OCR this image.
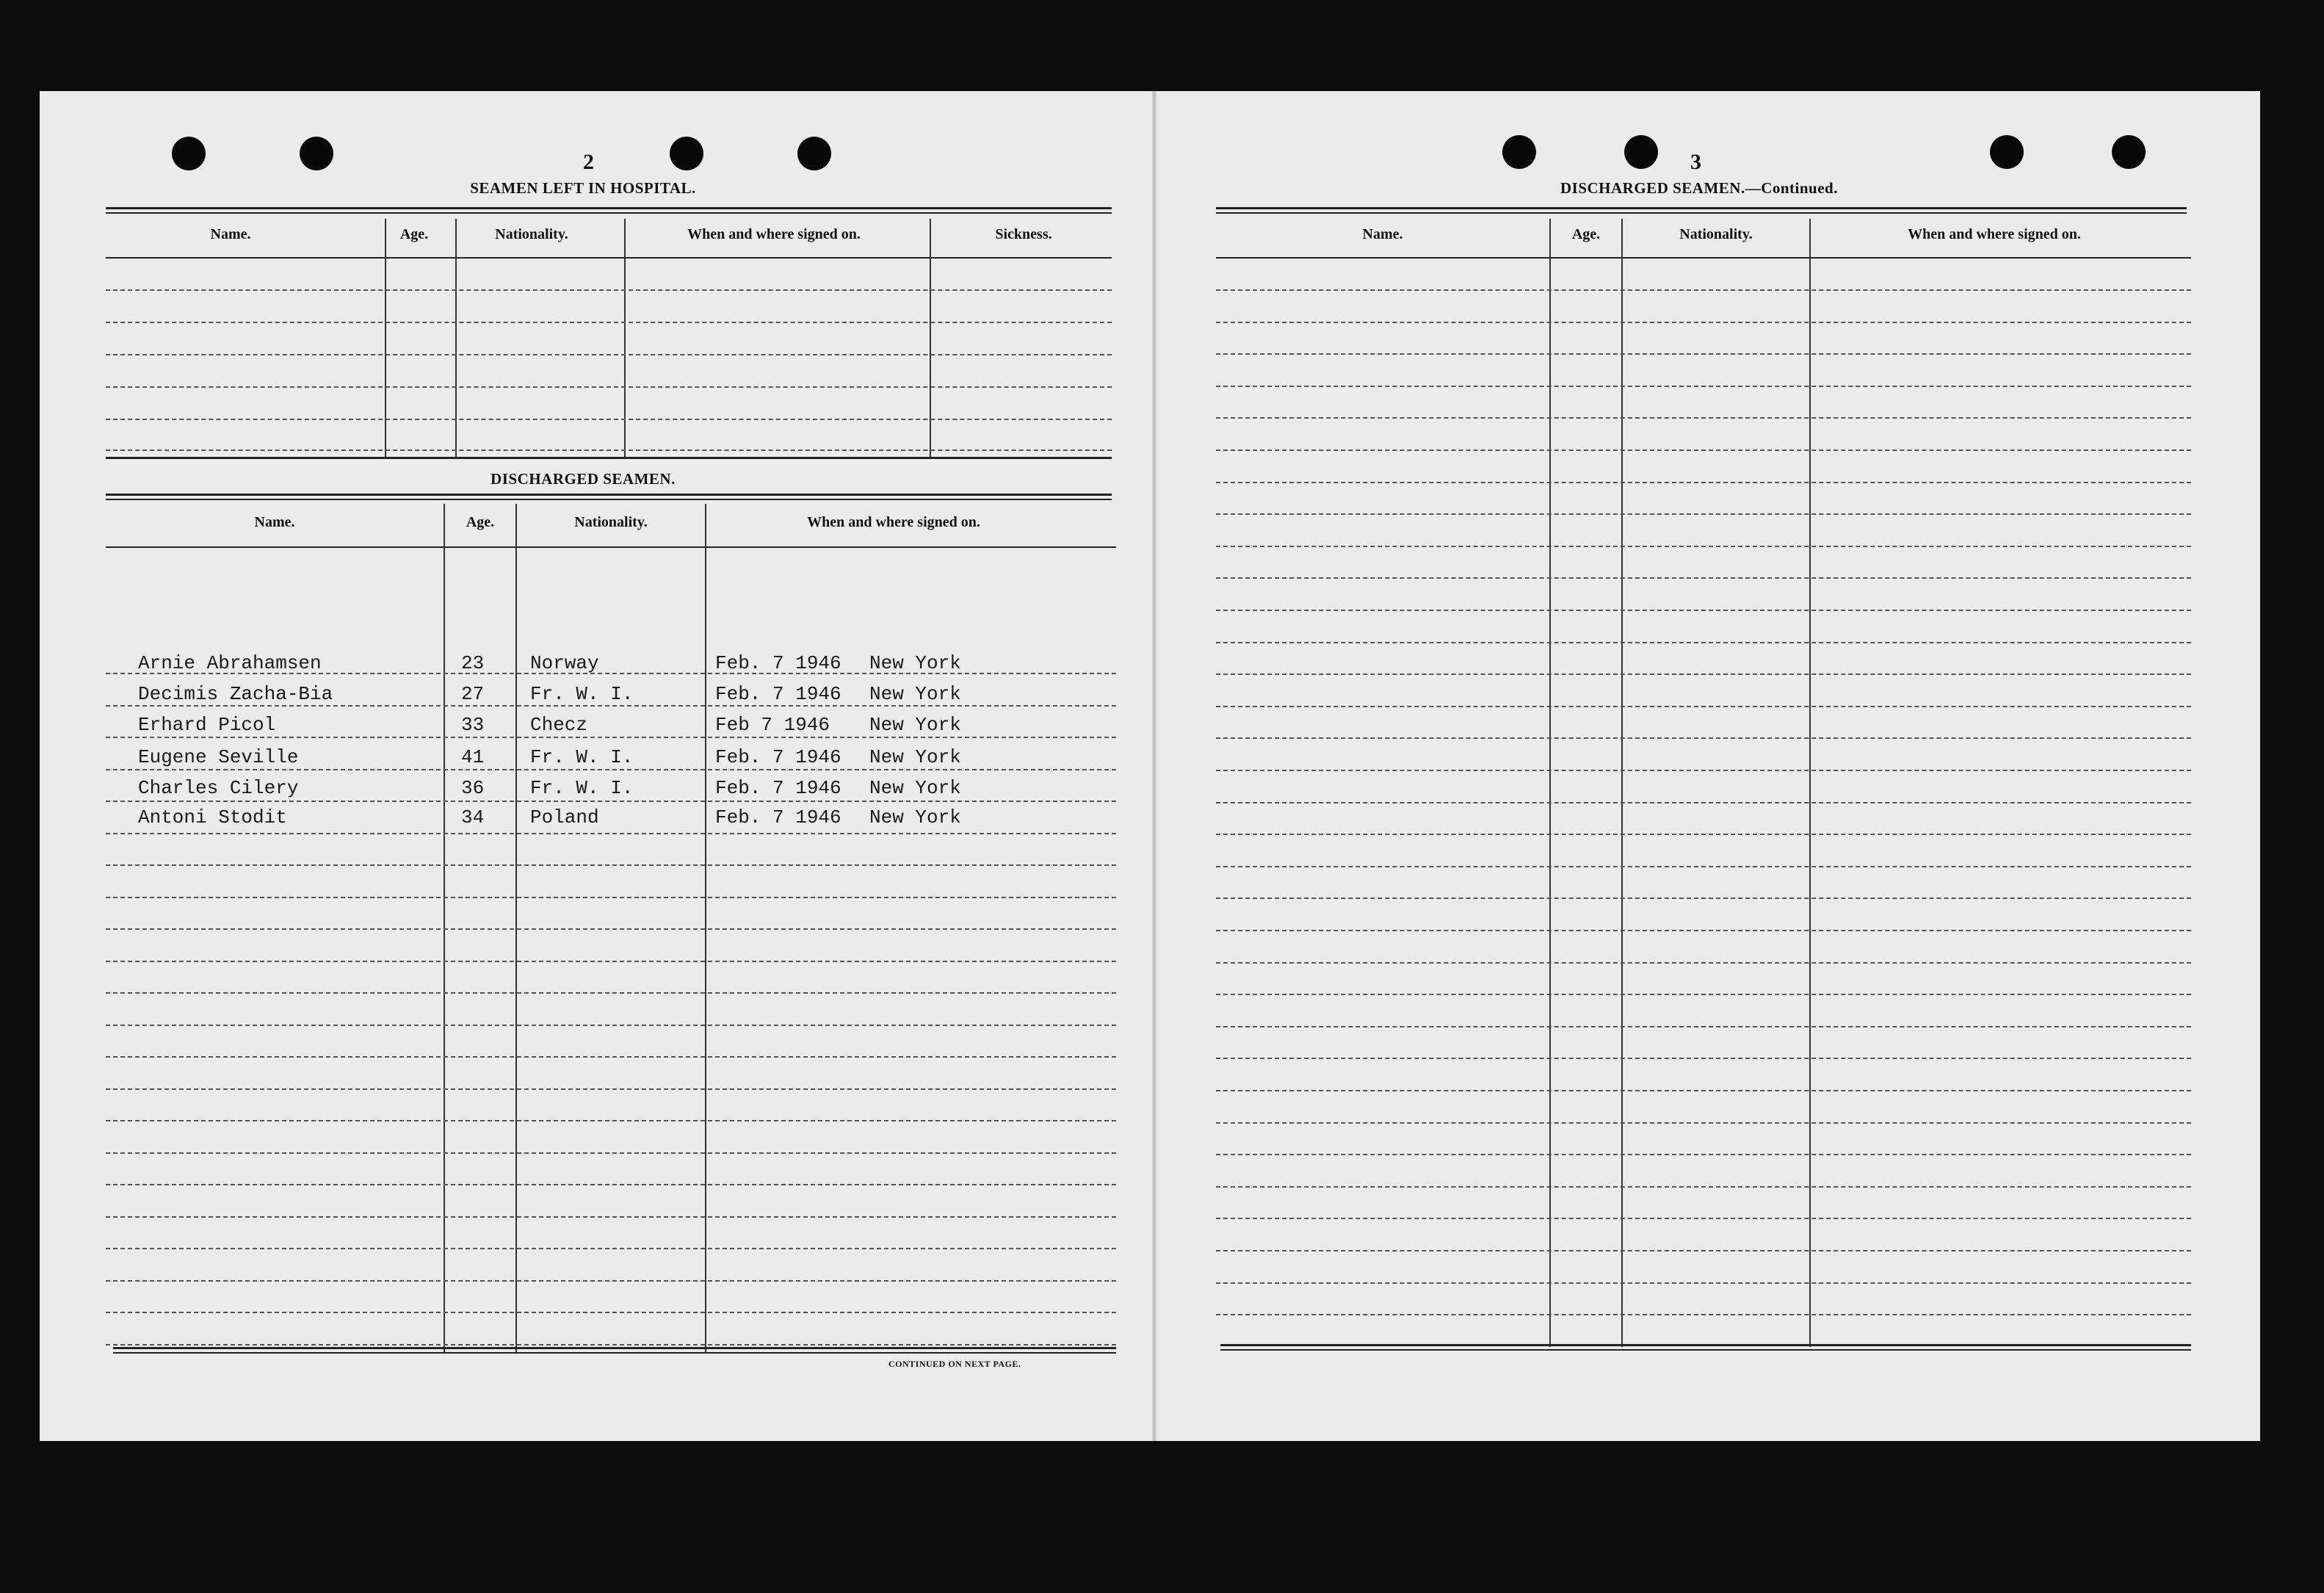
2
SEAMEN LEFT IN HOSPITAL.
Name.	Age.	Nationality.	When and where signed on.	Sickness.
DISCHARGED SEAMEN.
Name.	Age.	Nationality.	When and where signed on.
Arnie Abrahamsen	23 Norway	Feb. 7 1946 New York
Decimis Zacha-Bia	27 Fr. W. I.	Feb. 7 1946 New York
Erhard Picol	33 Checz	Feb 7 1946 New York
Eugene Seville	41 Fr. W. I.	Feb. 7 1946 New York
Charles Cilery	36 Fr. W. I.	Feb. 7 1946 New York
Antoni Stodit	34 Poland	Feb. 7 1946 New York
CONTINUED ON NEXT PAGE.
3
DISCHARGED SEAMEN.—Continued.
Name.	Age.	Nationality.	When and where signed on.
